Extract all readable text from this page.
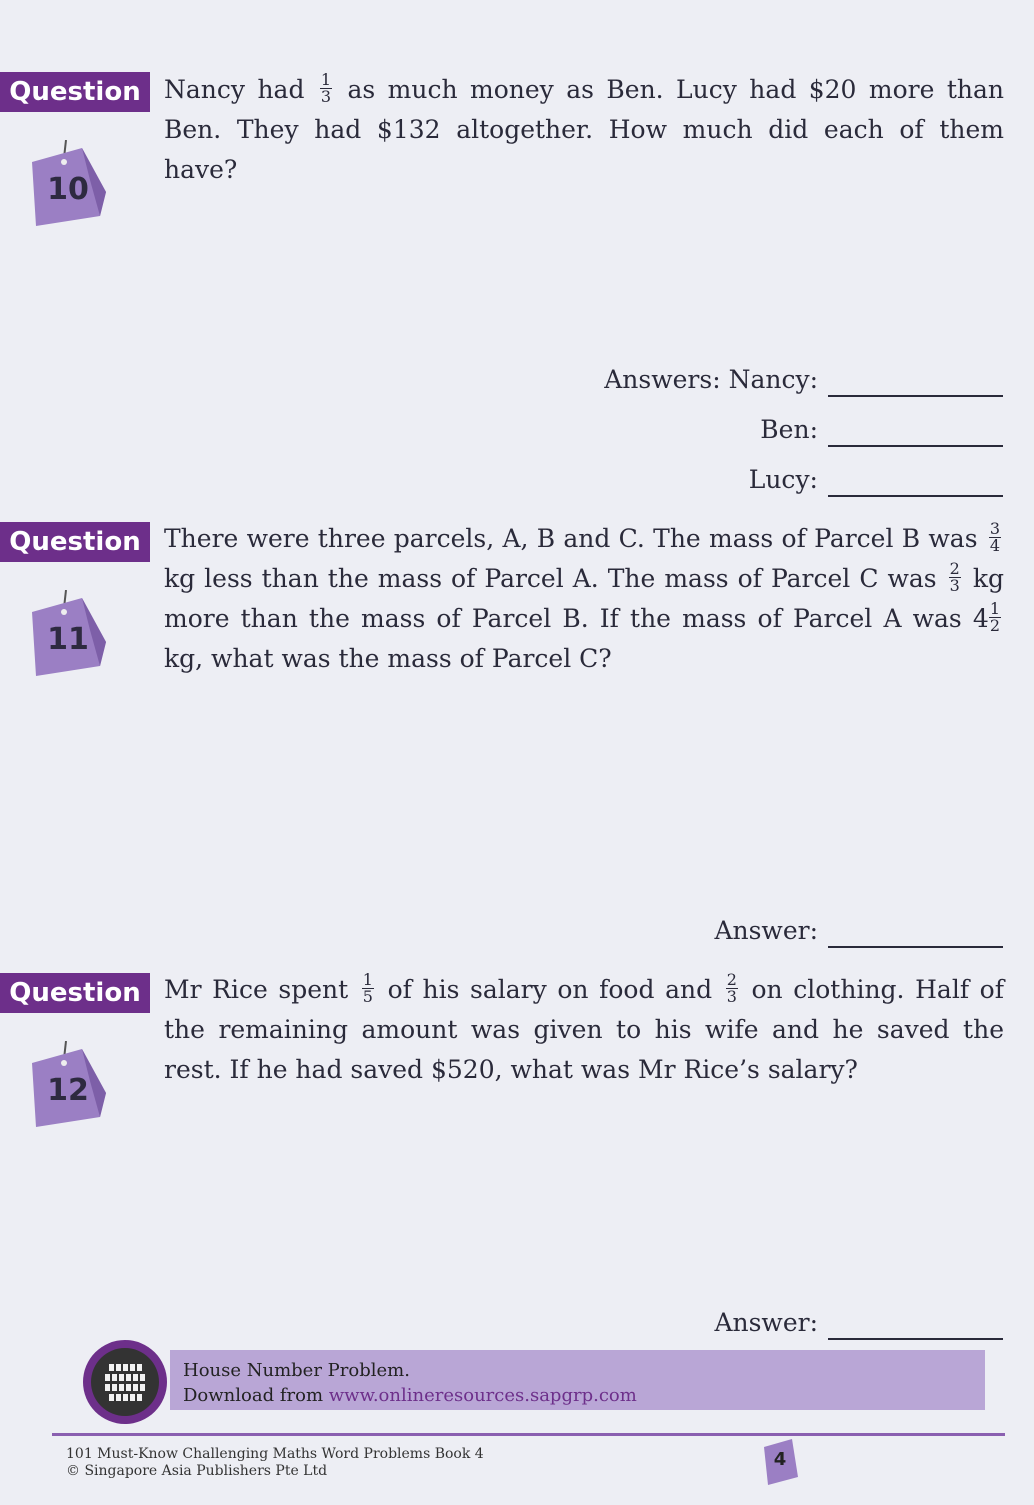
Question
10
Nancy had $\frac{1}{3}$ as much money as Ben. Lucy had $20 more than Ben. They had $132 altogether. How much did each of them have?
Answers: Nancy:
Ben:
Lucy:
Question
11
There were three parcels, A, B and C. The mass of Parcel B was $\frac{3}{4}$
kg less than the mass of Parcel A. The mass of Parcel C was $\frac{2}{3}$ kg more than the mass of Parcel B. If the mass of Parcel A was $4 \frac{1}{2}$
kg, what was the mass of Parcel C?
Answer:
Question
12
Mr Rice spent $\frac{1}{5}$ of his salary on food and $\frac{2}{3}$ on clothing. Half of the remaining amount was given to his wife and he saved the rest. If he had saved $520, what was Mr Rice’s salary?
Answer:
House Number Problem.
Download from www.onlineresources.sapgrp.com
101 Must-Know Challenging Maths Word Problems Book 4
© Singapore Asia Publishers Pte Ltd
4
